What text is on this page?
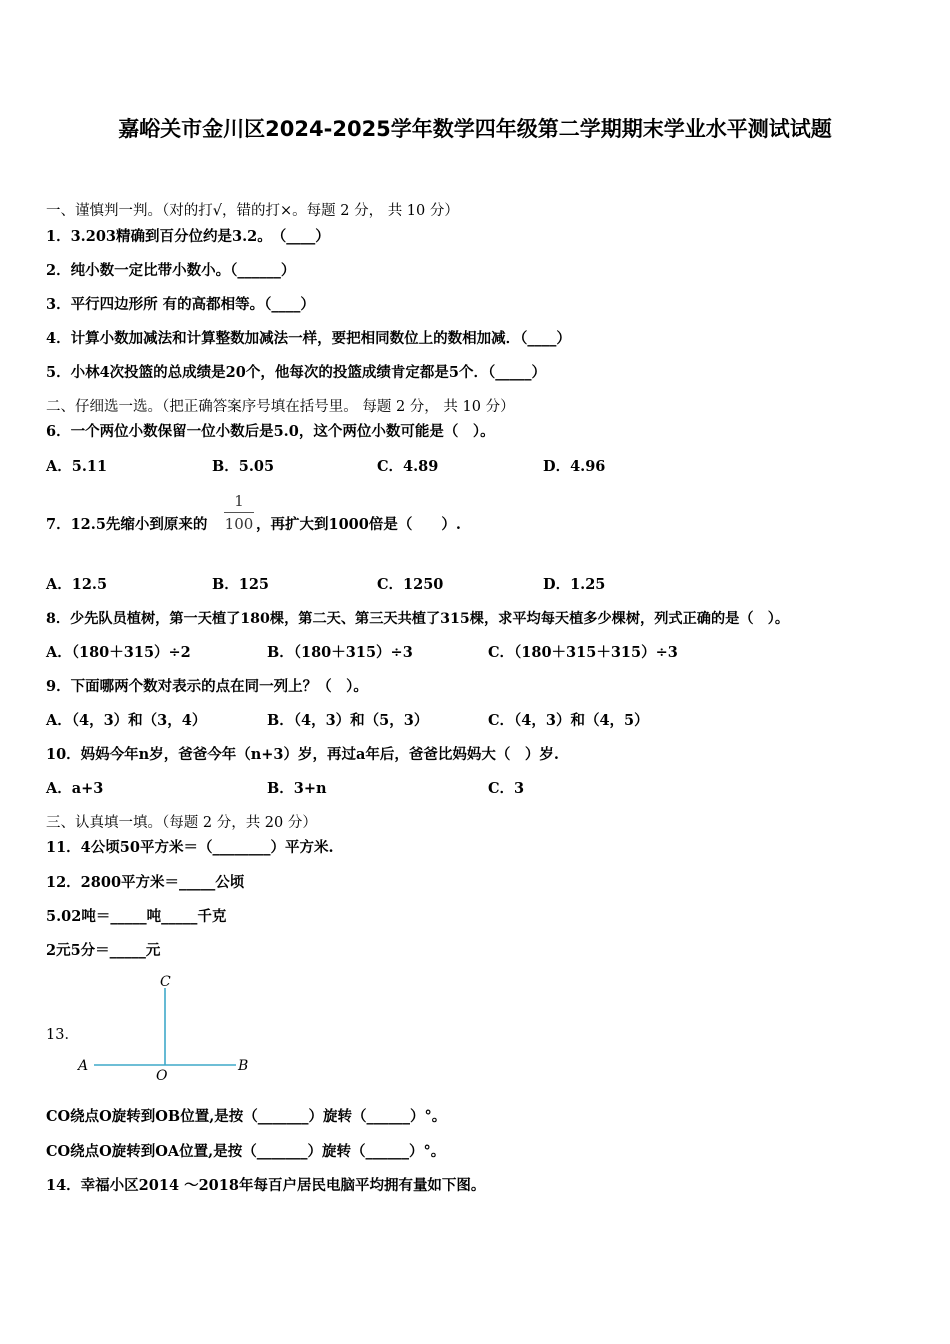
嘉峪关市金川区2024-2025学年数学四年级第二学期期末学业水平测试试题
一、谨慎判一判。（对的打√，错的打×。每题 2 分， 共 10 分）
1．3.203精确到百分位约是3.2。　（____）
2．纯小数一定比带小数小。（______）
3．平行四边形所 有的高都相等。（____）
4．计算小数加减法和计算整数加减法一样，要把相同数位上的数相加减．（____）
5．小林4次投篮的总成绩是20个，他每次的投篮成绩肯定都是5个．（_____）
二、仔细选一选。（把正确答案序号填在括号里。 每题 2 分， 共 10 分）
6．一个两位小数保留一位小数后是5.0，这个两位小数可能是（　）。
A．5.11	B．5.05	C．4.89	D．4.96
7．12.5先缩小到原来的
1
100 ，再扩大到1000倍是（　　）.
A．12.5	B．125	C．1250	D．1.25
8．少先队员植树，第一天植了180棵，第二天、第三天共植了315棵，求平均每天植多少棵树，列式正确的是（　）。
A．（180＋315）÷2	B．（180＋315）÷3	C．（180＋315＋315）÷3
9．下面哪两个数对表示的点在同一列上？（　）。
A．（4，3）和（3，4）	B．（4，3）和（5，3）	C．（4，3）和（4，5）
10．妈妈今年n岁，爸爸今年（n+3）岁，再过a年后，爸爸比妈妈大（　）岁.
A．a+3	B．3+n	C．3
三、认真填一填。（每题 2 分，共 20 分）
11．4公顷50平方米＝（________）平方米.
12．2800平方米＝_____公顷
5.02吨＝_____吨_____千克
2元5分＝_____元
13．
C
A
O
B
CO绕点O旋转到OB位置,是按（_______）旋转（______）°。
CO绕点O旋转到OA位置,是按（_______）旋转（______）°。
14．幸福小区2014 ～2018年每百户居民电脑平均拥有量如下图。
